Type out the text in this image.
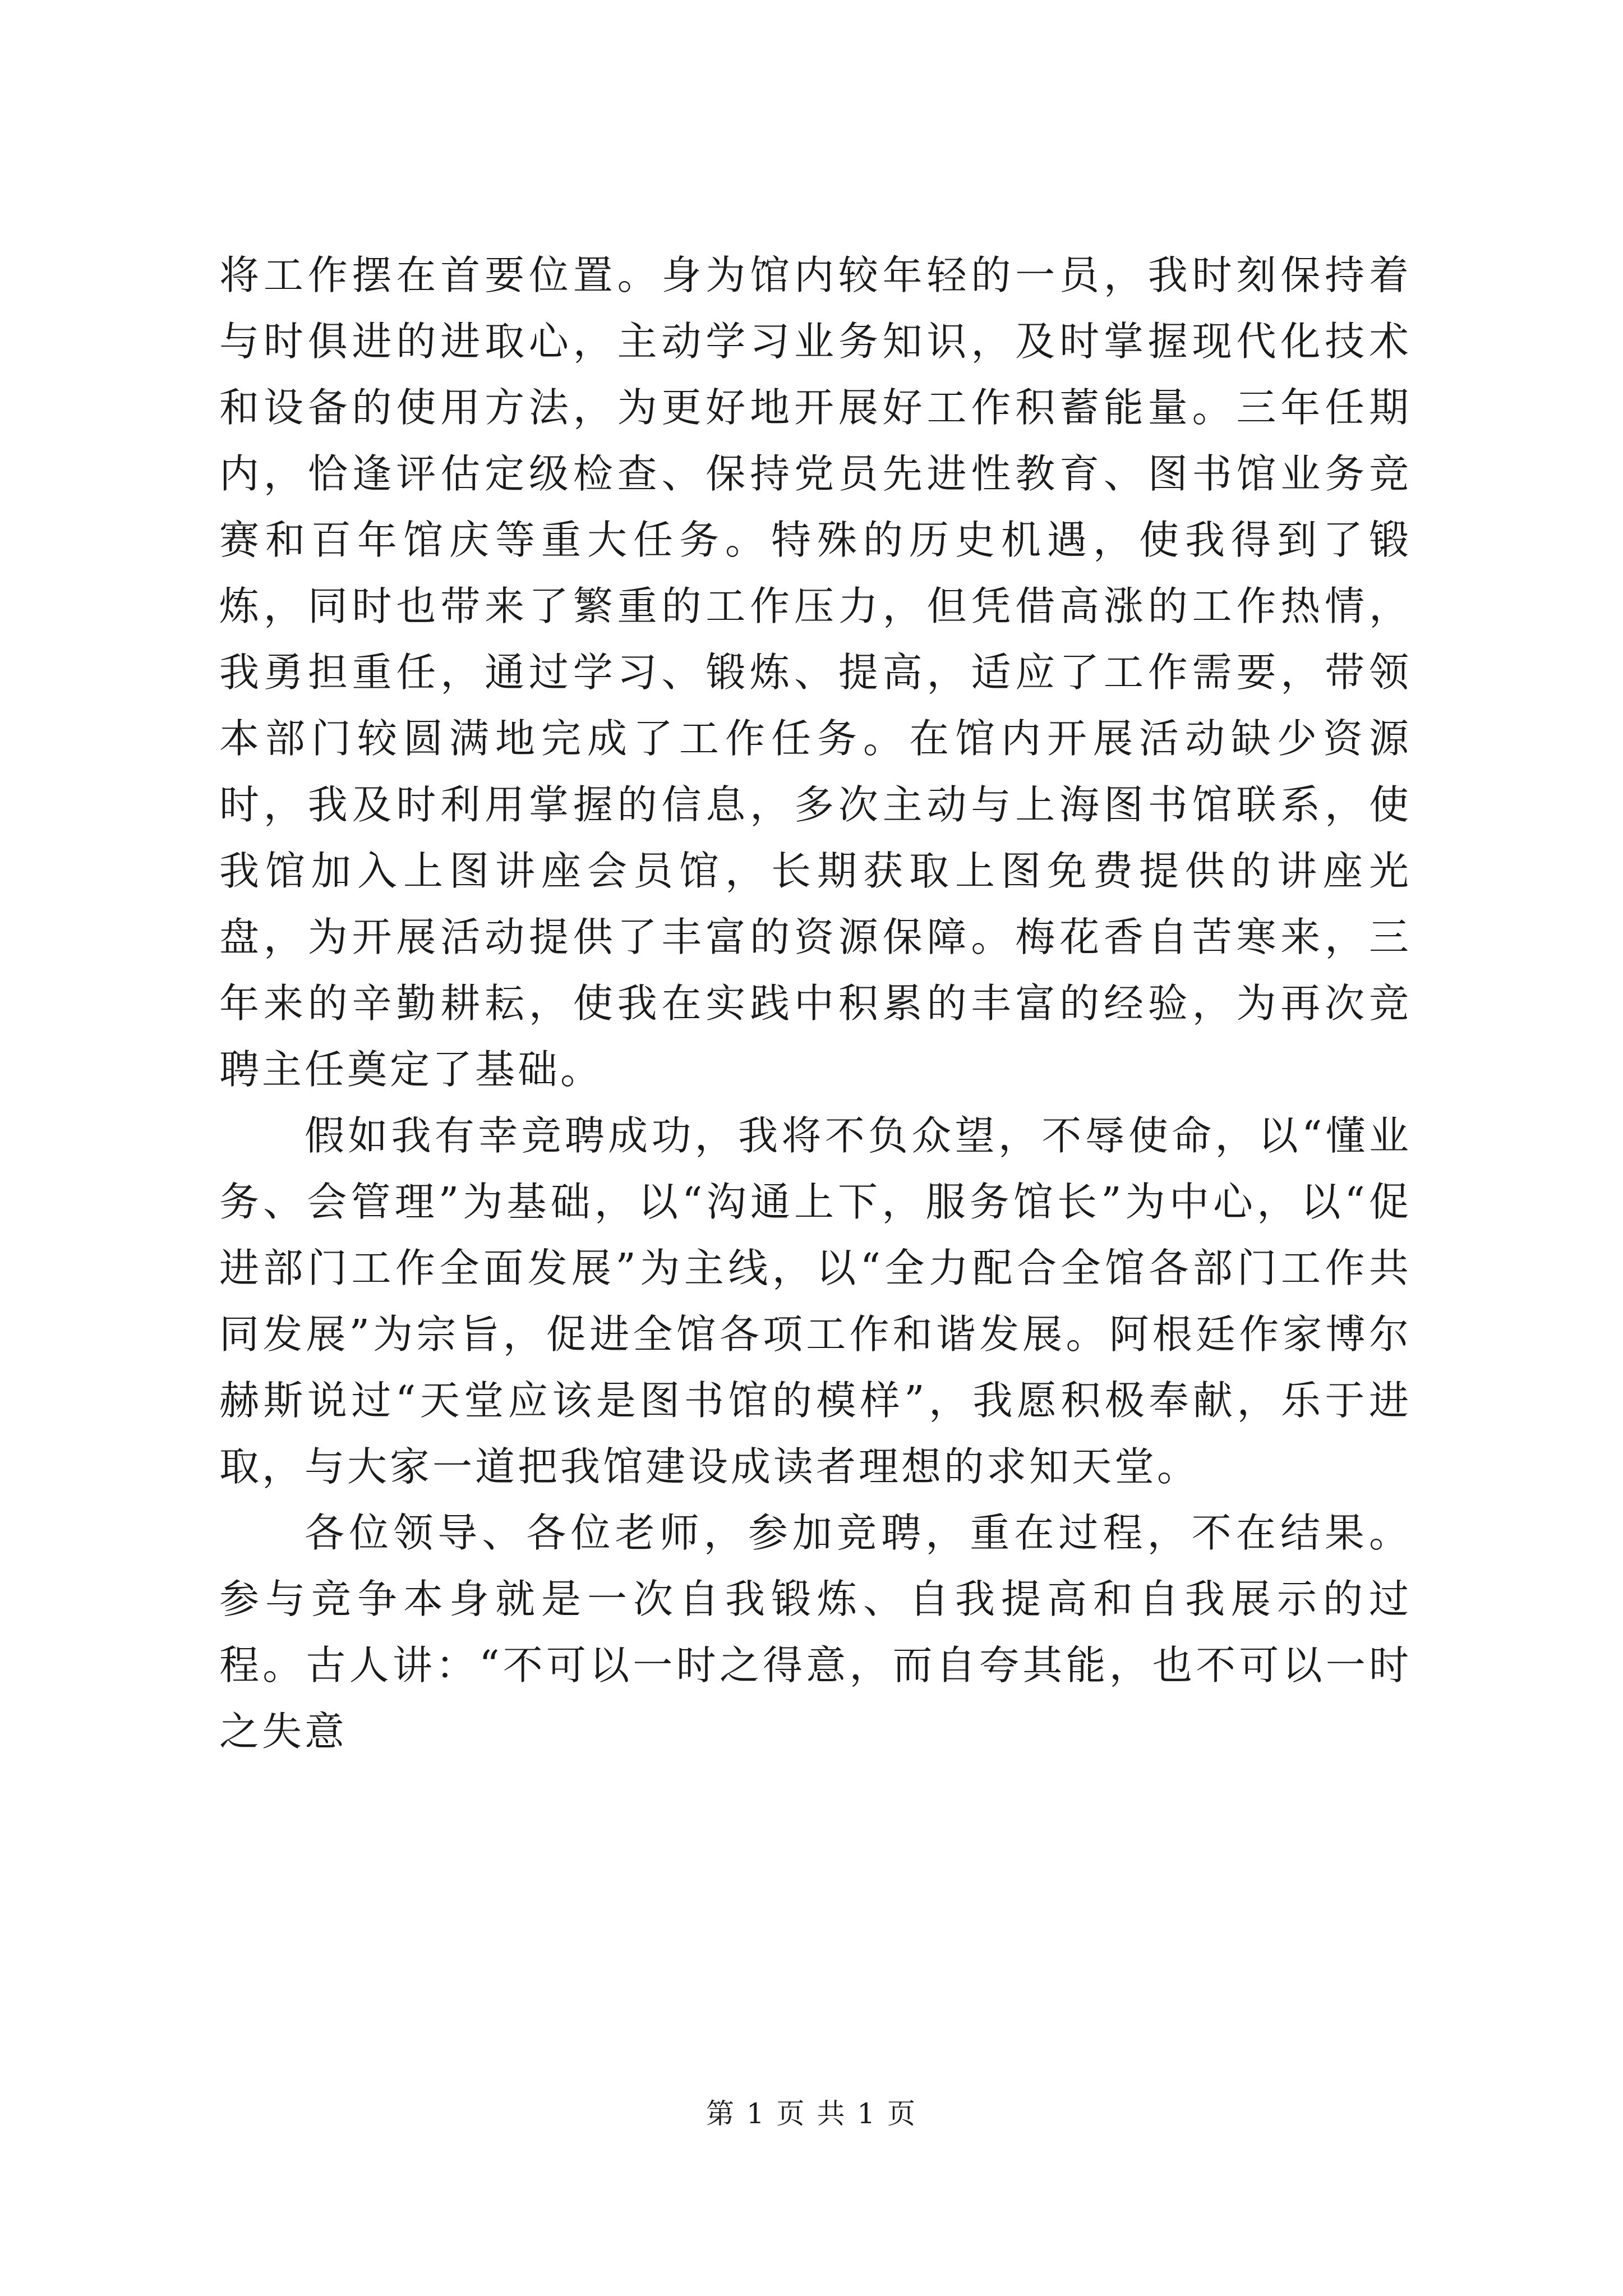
将工作摆在首要位置。身为馆内较年轻的一员，我时刻保持着与时俱进的进取心，主动学习业务知识，及时掌握现代化技术和设备的使用方法，为更好地开展好工作积蓄能量。三年任期内，恰逢评估定级检查、保持党员先进性教育、图书馆业务竞赛和百年馆庆等重大任务。特殊的历史机遇，使我得到了锻炼，同时也带来了繁重的工作压力，但凭借高涨的工作热情，我勇担重任，通过学习、锻炼、提高，适应了工作需要，带领本部门较圆满地完成了工作任务。在馆内开展活动缺少资源时，我及时利用掌握的信息，多次主动与上海图书馆联系，使我馆加入上图讲座会员馆，长期获取上图免费提供的讲座光盘，为开展活动提供了丰富的资源保障。梅花香自苦寒来，三年来的辛勤耕耘，使我在实践中积累的丰富的经验，为再次竞聘主任奠定了基础。

假如我有幸竞聘成功，我将不负众望，不辱使命，以“懂业务、会管理”为基础，以“沟通上下，服务馆长”为中心，以“促进部门工作全面发展”为主线，以“全力配合全馆各部门工作共同发展”为宗旨，促进全馆各项工作和谐发展。阿根廷作家博尔赫斯说过“天堂应该是图书馆的模样”，我愿积极奉献，乐于进取，与大家一道把我馆建设成读者理想的求知天堂。

各位领导、各位老师，参加竞聘，重在过程，不在结果。参与竞争本身就是一次自我锻炼、自我提高和自我展示的过程。古人讲：“不可以一时之得意，而自夸其能，也不可以一时之失意

第 1 页 共 1 页
